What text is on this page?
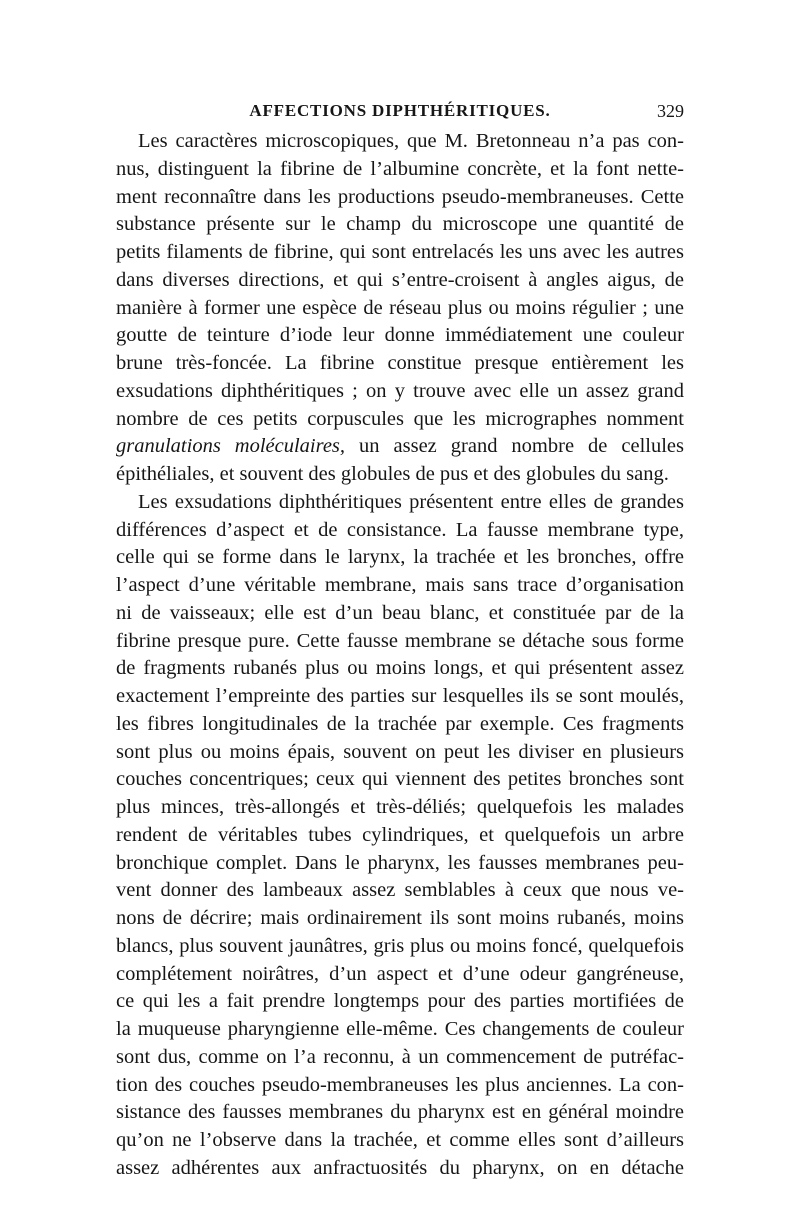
AFFECTIONS DIPHTHÉRITIQUES.	329
Les caractères microscopiques, que M. Bretonneau n’a pas con-
nus, distinguent la fibrine de l’albumine concrète, et la font nette-
ment reconnaître dans les productions pseudo-membraneuses. Cette
substance présente sur le champ du microscope une quantité de
petits filaments de fibrine, qui sont entrelacés les uns avec les autres
dans diverses directions, et qui s’entre-croisent à angles aigus, de
manière à former une espèce de réseau plus ou moins régulier ; une
goutte de teinture d’iode leur donne immédiatement une couleur
brune très-foncée. La fibrine constitue presque entièrement les
exsudations diphthéritiques ; on y trouve avec elle un assez grand
nombre de ces petits corpuscules que les micrographes nomment
granulations moléculaires, un assez grand nombre de cellules
épithéliales, et souvent des globules de pus et des globules du sang.
Les exsudations diphthéritiques présentent entre elles de grandes
différences d’aspect et de consistance. La fausse membrane type,
celle qui se forme dans le larynx, la trachée et les bronches, offre
l’aspect d’une véritable membrane, mais sans trace d’organisation
ni de vaisseaux; elle est d’un beau blanc, et constituée par de la
fibrine presque pure. Cette fausse membrane se détache sous forme
de fragments rubanés plus ou moins longs, et qui présentent assez
exactement l’empreinte des parties sur lesquelles ils se sont moulés,
les fibres longitudinales de la trachée par exemple. Ces fragments
sont plus ou moins épais, souvent on peut les diviser en plusieurs
couches concentriques; ceux qui viennent des petites bronches sont
plus minces, très-allongés et très-déliés; quelquefois les malades
rendent de véritables tubes cylindriques, et quelquefois un arbre
bronchique complet. Dans le pharynx, les fausses membranes peu-
vent donner des lambeaux assez semblables à ceux que nous ve-
nons de décrire; mais ordinairement ils sont moins rubanés, moins
blancs, plus souvent jaunâtres, gris plus ou moins foncé, quelquefois
complétement noirâtres, d’un aspect et d’une odeur gangréneuse,
ce qui les a fait prendre longtemps pour des parties mortifiées de
la muqueuse pharyngienne elle-même. Ces changements de couleur
sont dus, comme on l’a reconnu, à un commencement de putréfac-
tion des couches pseudo-membraneuses les plus anciennes. La con-
sistance des fausses membranes du pharynx est en général moindre
qu’on ne l’observe dans la trachée, et comme elles sont d’ailleurs
assez adhérentes aux anfractuosités du pharynx, on en détache
